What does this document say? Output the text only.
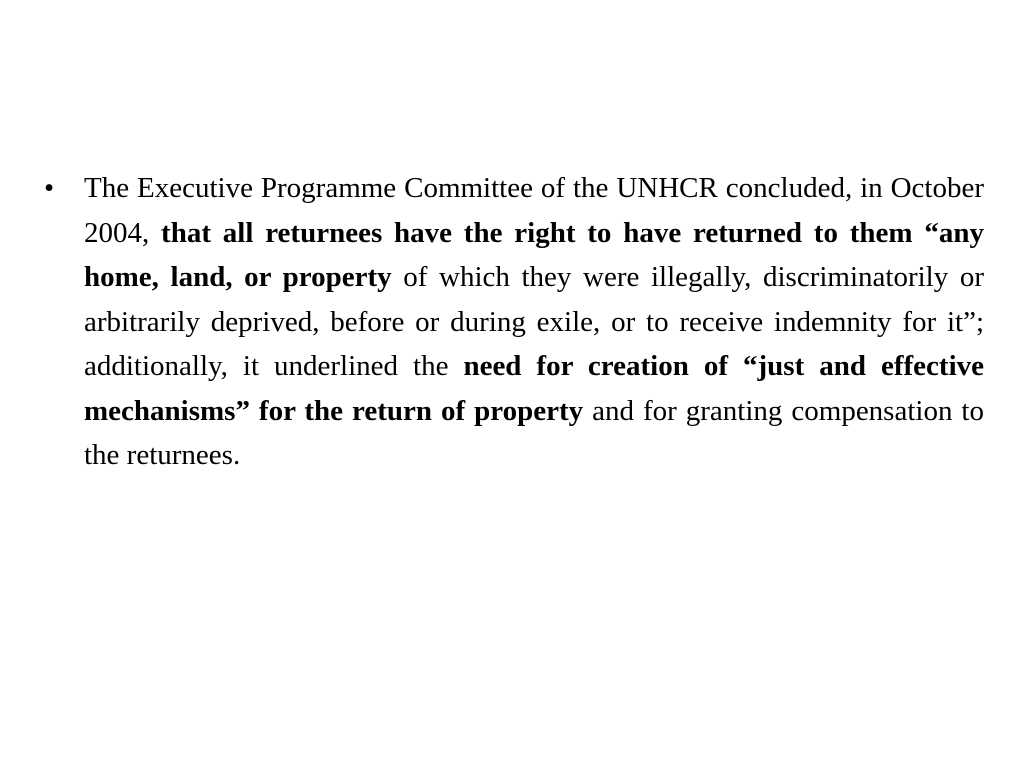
• The Executive Programme Committee of the UNHCR concluded, in October 2004, that all returnees have the right to have returned to them “any home, land, or property of which they were illegally, discriminatorily or arbitrarily deprived, before or during exile, or to receive indemnity for it”; additionally, it underlined the need for creation of “just and effective mechanisms” for the return of property and for granting compensation to the returnees.
